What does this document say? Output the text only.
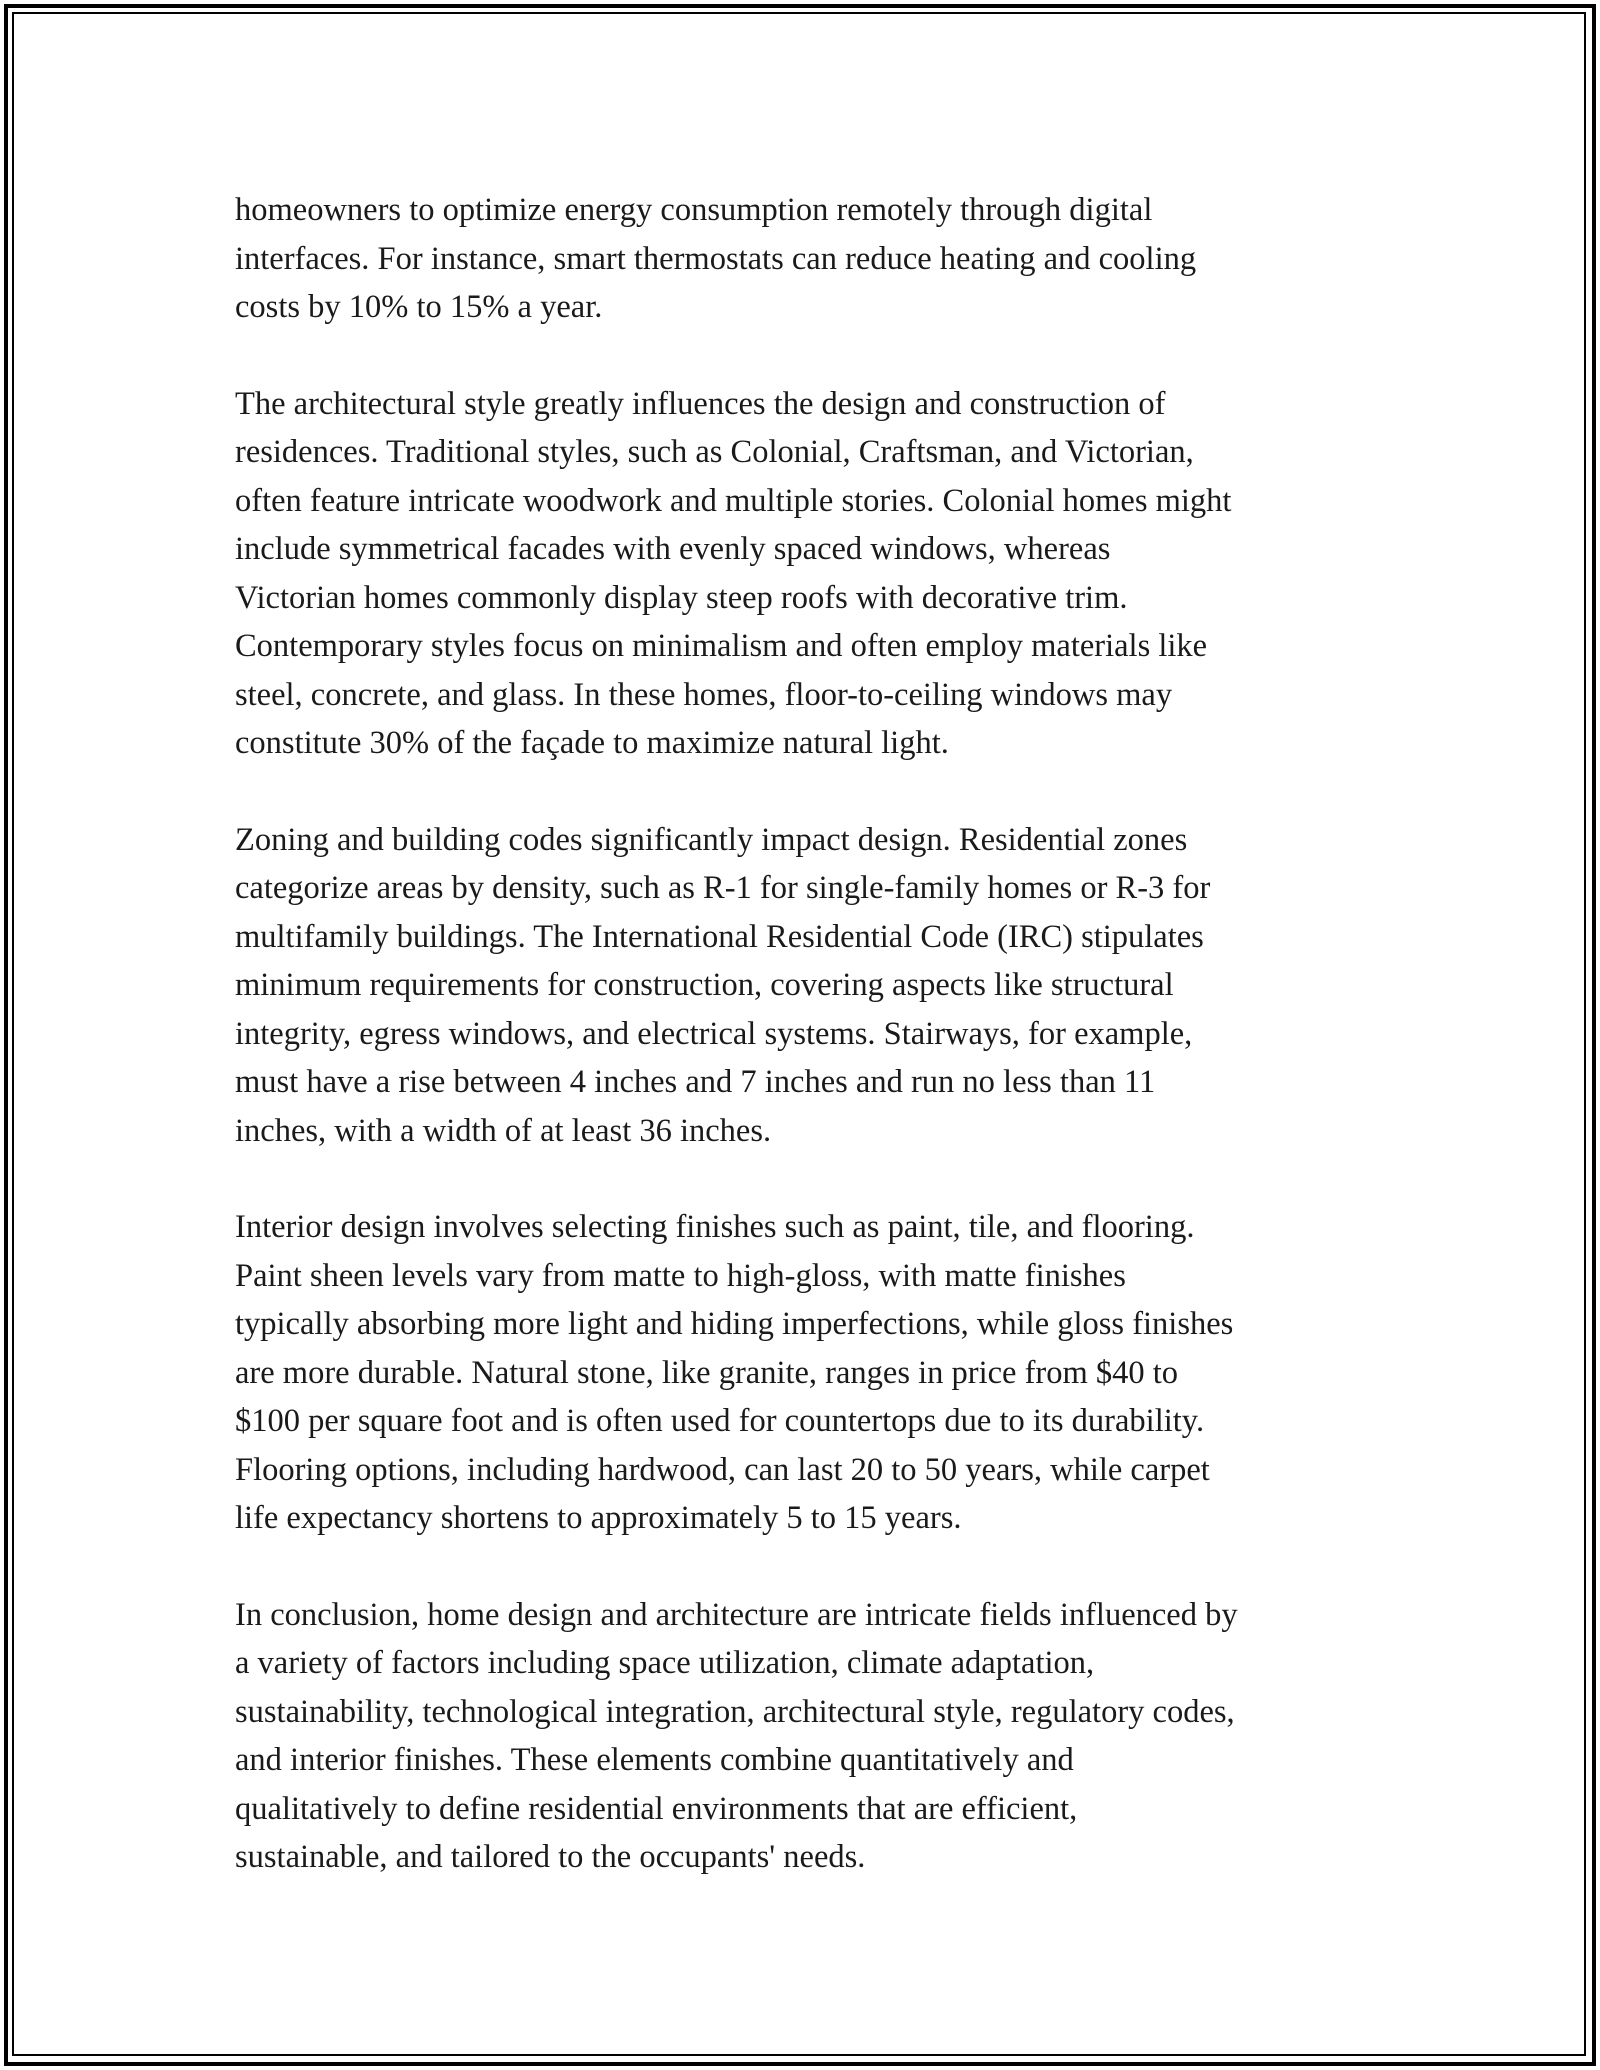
homeowners to optimize energy consumption remotely through digital
interfaces. For instance, smart thermostats can reduce heating and cooling
costs by 10% to 15% a year.

The architectural style greatly influences the design and construction of
residences. Traditional styles, such as Colonial, Craftsman, and Victorian,
often feature intricate woodwork and multiple stories. Colonial homes might
include symmetrical facades with evenly spaced windows, whereas
Victorian homes commonly display steep roofs with decorative trim.
Contemporary styles focus on minimalism and often employ materials like
steel, concrete, and glass. In these homes, floor-to-ceiling windows may
constitute 30% of the façade to maximize natural light.

Zoning and building codes significantly impact design. Residential zones
categorize areas by density, such as R-1 for single-family homes or R-3 for
multifamily buildings. The International Residential Code (IRC) stipulates
minimum requirements for construction, covering aspects like structural
integrity, egress windows, and electrical systems. Stairways, for example,
must have a rise between 4 inches and 7 inches and run no less than 11
inches, with a width of at least 36 inches.

Interior design involves selecting finishes such as paint, tile, and flooring.
Paint sheen levels vary from matte to high-gloss, with matte finishes
typically absorbing more light and hiding imperfections, while gloss finishes
are more durable. Natural stone, like granite, ranges in price from $40 to
$100 per square foot and is often used for countertops due to its durability.
Flooring options, including hardwood, can last 20 to 50 years, while carpet
life expectancy shortens to approximately 5 to 15 years.

In conclusion, home design and architecture are intricate fields influenced by
a variety of factors including space utilization, climate adaptation,
sustainability, technological integration, architectural style, regulatory codes,
and interior finishes. These elements combine quantitatively and
qualitatively to define residential environments that are efficient,
sustainable, and tailored to the occupants' needs.
